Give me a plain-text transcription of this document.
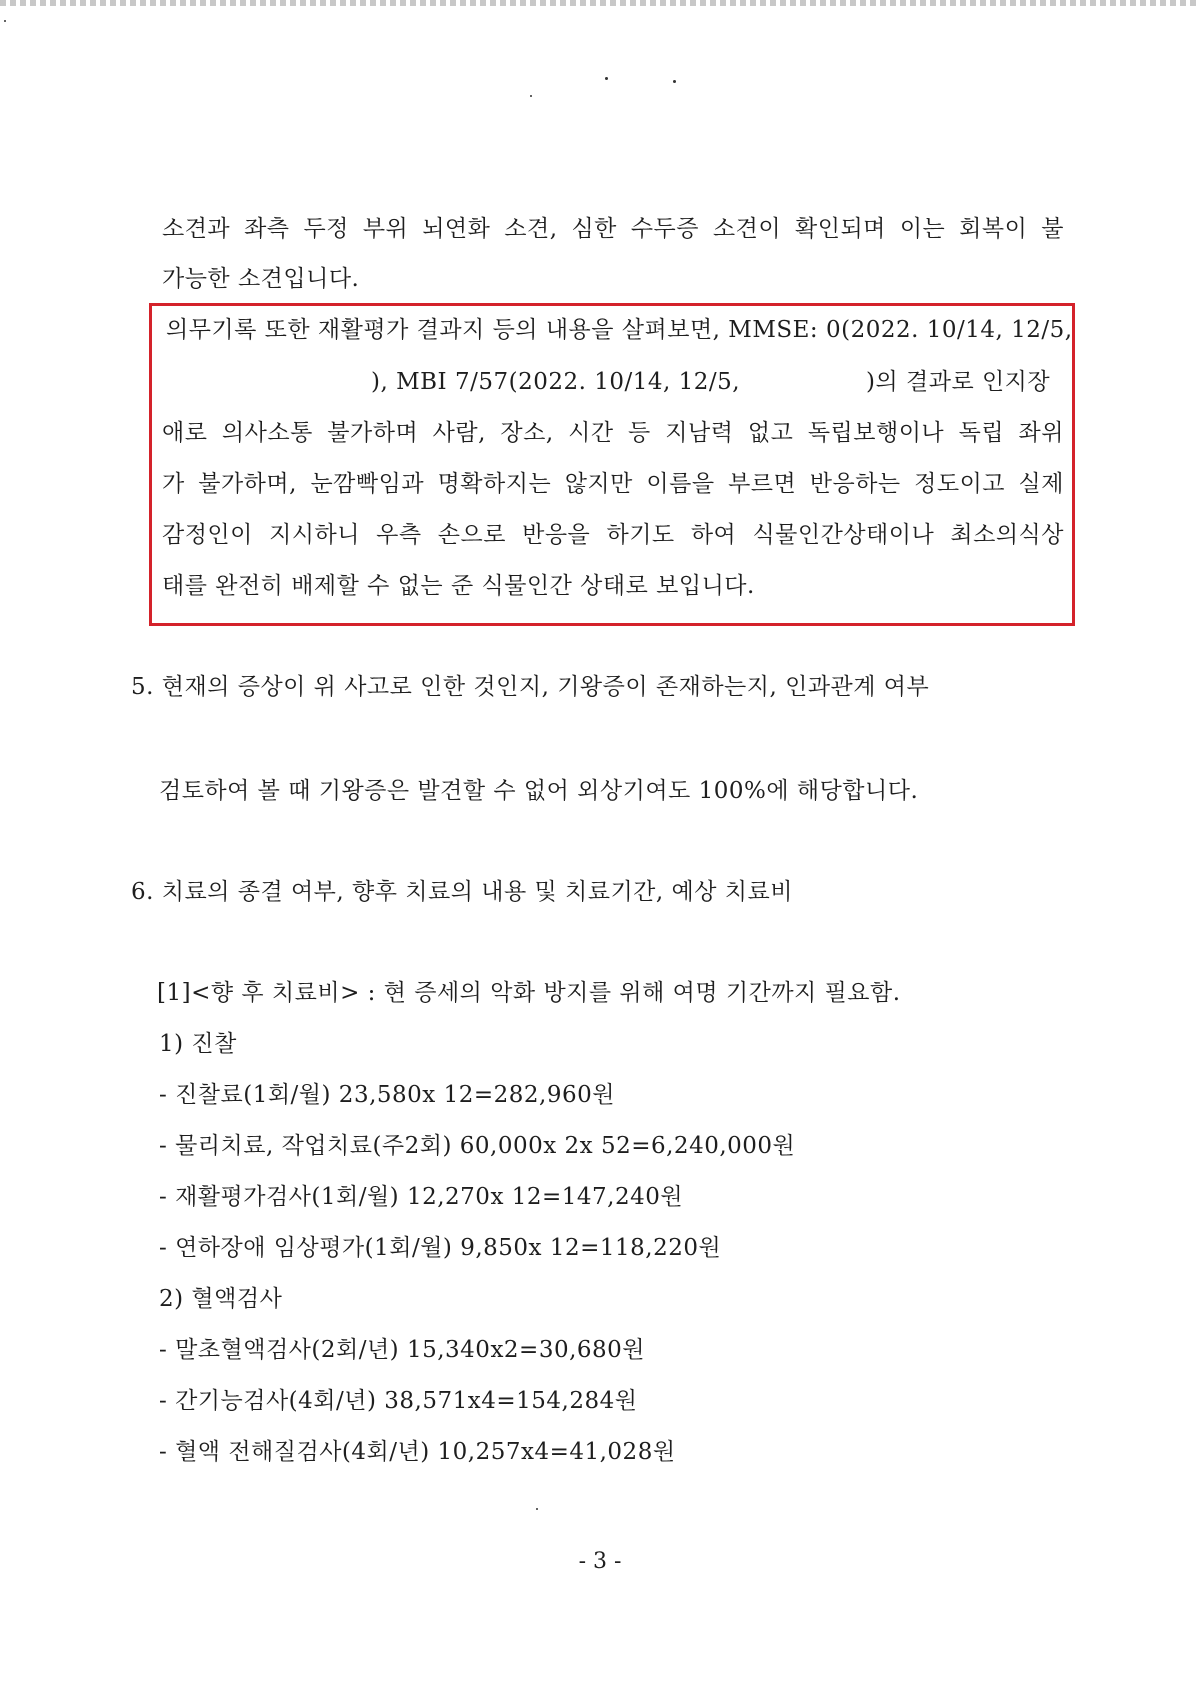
소견과 좌측 두정 부위 뇌연화 소견, 심한 수두증 소견이 확인되며 이는 회복이 불
가능한 소견입니다.
의무기록 또한 재활평가 결과지 등의 내용을 살펴보면, MMSE: 0(2022. 10/14, 12/5,
), MBI 7/57(2022. 10/14, 12/5,	)의 결과로 인지장
애로 의사소통 불가하며 사람, 장소, 시간 등 지남력 없고 독립보행이나 독립 좌위
가 불가하며, 눈깜빡임과 명확하지는 않지만 이름을 부르면 반응하는 정도이고 실제
감정인이 지시하니 우측 손으로 반응을 하기도 하여 식물인간상태이나 최소의식상
태를 완전히 배제할 수 없는 준 식물인간 상태로 보입니다.
5. 현재의 증상이 위 사고로 인한 것인지, 기왕증이 존재하는지, 인과관계 여부
검토하여 볼 때 기왕증은 발견할 수 없어 외상기여도 100%에 해당합니다.
6. 치료의 종결 여부, 향후 치료의 내용 및 치료기간, 예상 치료비
[1]<향 후 치료비> : 현 증세의 악화 방지를 위해 여명 기간까지 필요함.
1) 진찰
- 진찰료(1회/월) 23,580x 12=282,960원
- 물리치료, 작업치료(주2회) 60,000x 2x 52=6,240,000원
- 재활평가검사(1회/월) 12,270x 12=147,240원
- 연하장애 임상평가(1회/월) 9,850x 12=118,220원
2) 혈액검사
- 말초혈액검사(2회/년) 15,340x2=30,680원
- 간기능검사(4회/년) 38,571x4=154,284원
- 혈액 전해질검사(4회/년) 10,257x4=41,028원
- 3 -
